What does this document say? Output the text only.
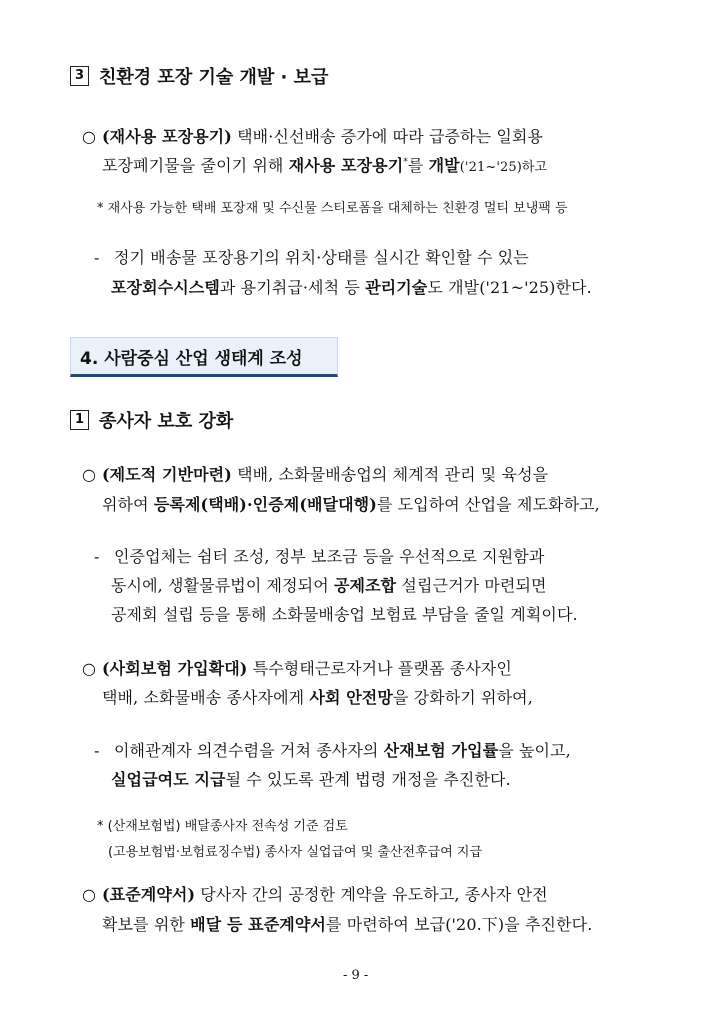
3 친환경 포장 기술 개발 · 보급
○ (재사용 포장용기) 택배·신선배송 증가에 따라 급증하는 일회용
포장폐기물을 줄이기 위해 재사용 포장용기*를 개발('21~'25)하고
* 재사용 가능한 택배 포장재 및 수신물 스티로폼을 대체하는 친환경 멀티 보냉팩 등
- 정기 배송물 포장용기의 위치·상태를 실시간 확인할 수 있는
포장회수시스템과 용기취급·세척 등 관리기술도 개발('21~'25)한다.
4. 사람중심 산업 생태계 조성
1 종사자 보호 강화
○ (제도적 기반마련) 택배, 소화물배송업의 체계적 관리 및 육성을
위하여 등록제(택배)·인증제(배달대행)를 도입하여 산업을 제도화하고,
- 인증업체는 쉼터 조성, 정부 보조금 등을 우선적으로 지원함과
동시에, 생활물류법이 제정되어 공제조합 설립근거가 마련되면
공제회 설립 등을 통해 소화물배송업 보험료 부담을 줄일 계획이다.
○ (사회보험 가입확대) 특수형태근로자거나 플랫폼 종사자인
택배, 소화물배송 종사자에게 사회 안전망을 강화하기 위하여,
- 이해관계자 의견수렴을 거쳐 종사자의 산재보험 가입률을 높이고,
실업급여도 지급될 수 있도록 관계 법령 개정을 추진한다.
* (산재보험법) 배달종사자 전속성 기준 검토
(고용보험법·보험료징수법) 종사자 실업급여 및 출산전후급여 지급
○ (표준계약서) 당사자 간의 공정한 계약을 유도하고, 종사자 안전
확보를 위한 배달 등 표준계약서를 마련하여 보급('20.下)을 추진한다.
- 9 -
